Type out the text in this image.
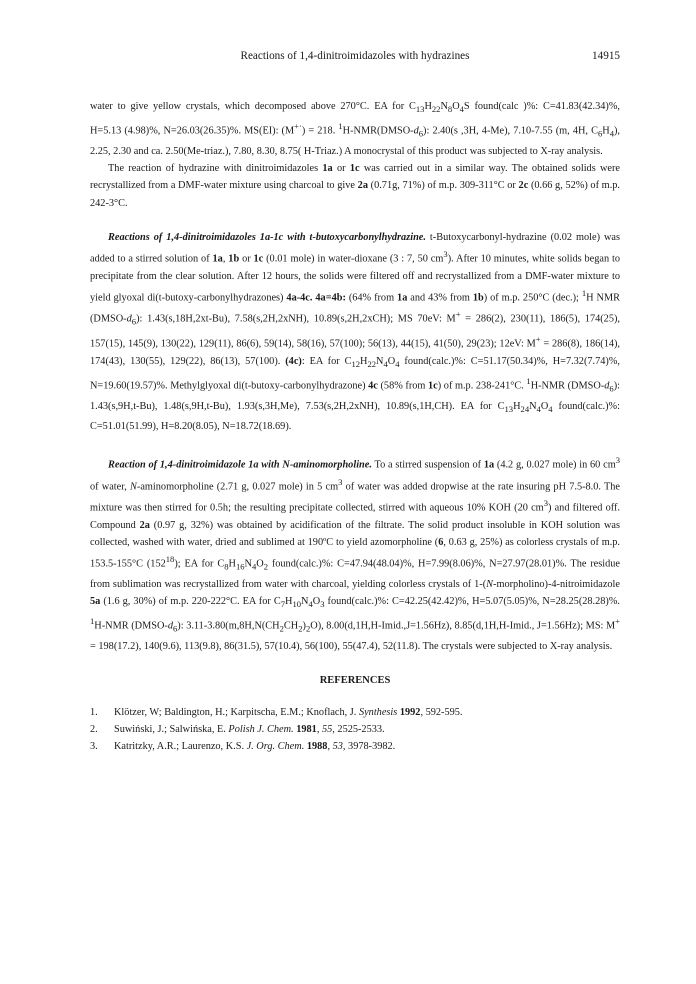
Reactions of 1,4-dinitroimidazoles with hydrazines	14915

water to give yellow crystals, which decomposed above 270°C. EA for $C_{13}H_{22}N_8O_4S$ found(calc )%: C=41.83(42.34)%, H=5.13 (4.98)%, N=26.03(26.35)%. MS(EI): (M+·) = 218. $^1H-NMR(DMSO-d_6)$: 2.40(s ,3H, 4-Me), 7.10-7.55 (m, 4H, $C_6H_4$), 2.25, 2.30 and ca. 2.50(Me-triaz.), 7.80, 8.30, 8.75( H-Triaz.) A monocrystal of this product was subjected to X-ray analysis.

The reaction of hydrazine with dinitroimidazoles 1a or 1c was carried out in a similar way. The obtained solids were recrystallized from a DMF-water mixture using charcoal to give 2a (0.71g, 71%) of m.p. 309-311°C or 2c (0.66 g, 52%) of m.p. 242-3°C.

Reactions of 1,4-dinitroimidazoles 1a-1c with t-butoxycarbonylhydrazine. t-Butoxycarbonyl-hydrazine (0.02 mole) was added to a stirred solution of 1a, 1b or 1c (0.01 mole) in water-dioxane (3 : 7, 50 $cm^3$). After 10 minutes, white solids began to precipitate from the clear solution. After 12 hours, the solids were filtered off and recrystallized from a DMF-water mixture to yield glyoxal di(t-butoxy-carbonylhydrazones) 4a-4c. 4a=4b: (64% from 1a and 43% from 1b) of m.p. 250°C (dec.); $^1$H NMR $(DMSO-d_6)$: 1.43(s,18H,2xt-Bu), 7.58(s,2H,2xNH), 10.89(s,2H,2xCH); MS 70eV: M+ = 286(2), 230(11), 186(5), 174(25), 157(15), 145(9), 130(22), 129(11), 86(6), 59(14), 58(16), 57(100); 56(13), 44(15), 41(50), 29(23); 12eV: M+ = 286(8), 186(14), 174(43), 130(55), 129(22), 86(13), 57(100). (4c): EA for $C_{12}H_{22}N_4O_4$ found(calc.)%: C=51.17(50.34)%, H=7.32(7.74)%, N=19.60(19.57)%. Methylglyoxal di(t-butoxy-carbonylhydrazone) 4c (58% from 1c) of m.p. 238-241°C. $^1$H-NMR $(DMSO-d_6)$: 1.43(s,9H,t-Bu), 1.48(s,9H,t-Bu), 1.93(s,3H,Me), 7.53(s,2H,2xNH), 10.89(s,1H,CH). EA for $C_{13}H_{24}N_4O_4$ found(calc.)%: C=51.01(51.99), H=8.20(8.05), N=18.72(18.69).

Reaction of 1,4-dinitroimidazole 1a with N-aminomorpholine. To a stirred suspension of 1a (4.2 g, 0.027 mole) in 60 $cm^3$ of water, N-aminomorpholine (2.71 g, 0.027 mole) in 5 $cm^3$ of water was added dropwise at the rate insuring pH 7.5-8.0. The mixture was then stirred for 0.5h; the resulting precipitate collected, stirred with aqueous 10% KOH (20 $cm^3$) and filtered off. Compound 2a (0.97 g, 32%) was obtained by acidification of the filtrate. The solid product insoluble in KOH solution was collected, washed with water, dried and sublimed at 190ºC to yield azomorpholine (6, 0.63 g, 25%) as colorless crystals of m.p. 153.5-155°C $(152^{18})$; EA for $C_8H_{16}N_4O_2$ found(calc.)%: C=47.94(48.04)%, H=7.99(8.06)%, N=27.97(28.01)%. The residue from sublimation was recrystallized from water with charcoal, yielding colorless crystals of 1-(N-morpholino)-4-nitroimidazole 5a (1.6 g, 30%) of m.p. 220-222°C. EA for $C_7H_{10}N_4O_3$ found(calc.)%: C=42.25(42.42)%, H=5.07(5.05)%, N=28.25(28.28)%. $^1$H-NMR $(DMSO-d_6)$: $3.11-3.80(m,8H,N(CH_2CH_2)_2O)$, 8.00(d,1H,H-Imid.,J=1.56Hz), 8.85(d,1H,H-Imid., J=1.56Hz); MS: M+ = 198(17.2), 140(9.6), 113(9.8), 86(31.5), 57(10.4), 56(100), 55(47.4), 52(11.8). The crystals were subjected to X-ray analysis.

REFERENCES

1.	Klötzer, W; Baldington, H.; Karpitscha, E.M.; Knoflach, J. Synthesis 1992, 592-595.
2.	Suwiński, J.; Salwińska, E. Polish J. Chem. 1981, 55, 2525-2533.
3.	Katritzky, A.R.; Laurenzo, K.S. J. Org. Chem. 1988, 53, 3978-3982.
